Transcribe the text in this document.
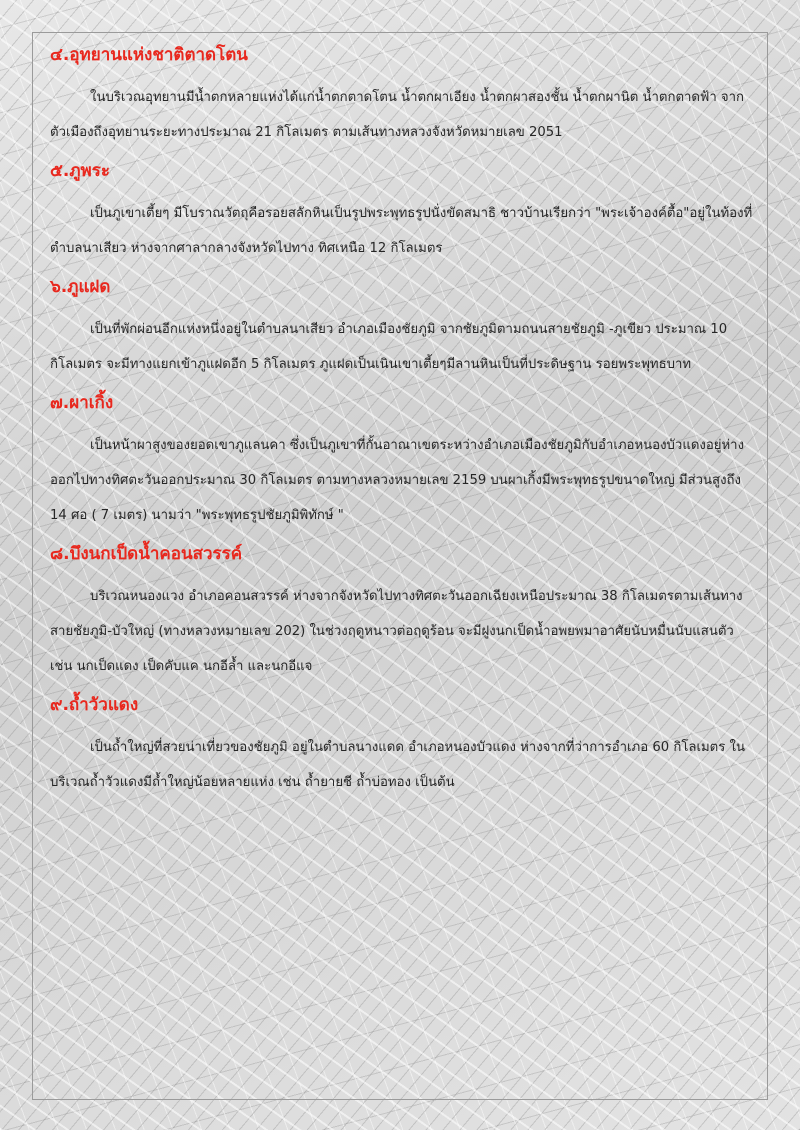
๔.อุทยานแห่งชาติตาดโตน

ในบริเวณอุทยานมีน้ำตกหลายแห่งได้แก่น้ำตกตาดโตน น้ำตกผาเอียง น้ำตกผาสองชั้น น้ำตกผานิต น้ำตกตาดฟ้า จากตัวเมืองถึงอุทยานระยะทางประมาณ 21 กิโลเมตร ตามเส้นทางหลวงจังหวัดหมายเลข 2051

๕.ภูพระ

เป็นภูเขาเตี้ยๆ มีโบราณวัตถุคือรอยสลักหินเป็นรูปพระพุทธรูปนั่งขัดสมาธิ ชาวบ้านเรียกว่า "พระเจ้าองค์ตื้อ"อยู่ในท้องที่ตำบลนาเสียว ห่างจากศาลากลางจังหวัดไปทาง ทิศเหนือ 12 กิโลเมตร

๖.ภูแฝด

เป็นที่พักผ่อนอีกแห่งหนึ่งอยู่ในตำบลนาเสียว อำเภอเมืองชัยภูมิ จากชัยภูมิตามถนนสายชัยภูมิ -ภูเขียว ประมาณ 10 กิโลเมตร จะมีทางแยกเข้าภูแฝดอีก 5 กิโลเมตร ภูแฝดเป็นเนินเขาเตี้ยๆมีลานหินเป็นที่ประดิษฐาน รอยพระพุทธบาท

๗.ผาเกิ้ง

เป็นหน้าผาสูงของยอดเขาภูแลนคา ซึ่งเป็นภูเขาที่กั้นอาณาเขตระหว่างอำเภอเมืองชัยภูมิกับอำเภอหนองบัวแดงอยู่ห่างออกไปทางทิศตะวันออกประมาณ 30 กิโลเมตร ตามทางหลวงหมายเลข 2159 บนผาเกิ้งมีพระพุทธรูปขนาดใหญ่ มีส่วนสูงถึง 14 ศอ ( 7 เมตร) นามว่า "พระพุทธรูปชัยภูมิพิทักษ์ "

๘.บึงนกเป็ดน้ำคอนสวรรค์

บริเวณหนองแวง อำเภอคอนสวรรค์ ห่างจากจังหวัดไปทางทิศตะวันออกเฉียงเหนือประมาณ 38 กิโลเมตรตามเส้นทางสายชัยภูมิ-บัวใหญ่ (ทางหลวงหมายเลข 202) ในช่วงฤดูหนาวต่อฤดูร้อน จะมีฝูงนกเป็ดน้ำอพยพมาอาศัยนับหมื่นนับแสนตัว เช่น นกเป็ดแดง เป็ดคับแค นกอีล้ำ และนกอีแจ

๙.ถ้ำวัวแดง

เป็นถ้ำใหญ่ที่สวยน่าเที่ยวของชัยภูมิ อยู่ในตำบลนางแดด อำเภอหนองบัวแดง ห่างจากที่ว่าการอำเภอ 60 กิโลเมตร ในบริเวณถ้ำวัวแดงมีถ้ำใหญ่น้อยหลายแห่ง เช่น ถ้ำยายชี ถ้ำบ่อทอง เป็นต้น
